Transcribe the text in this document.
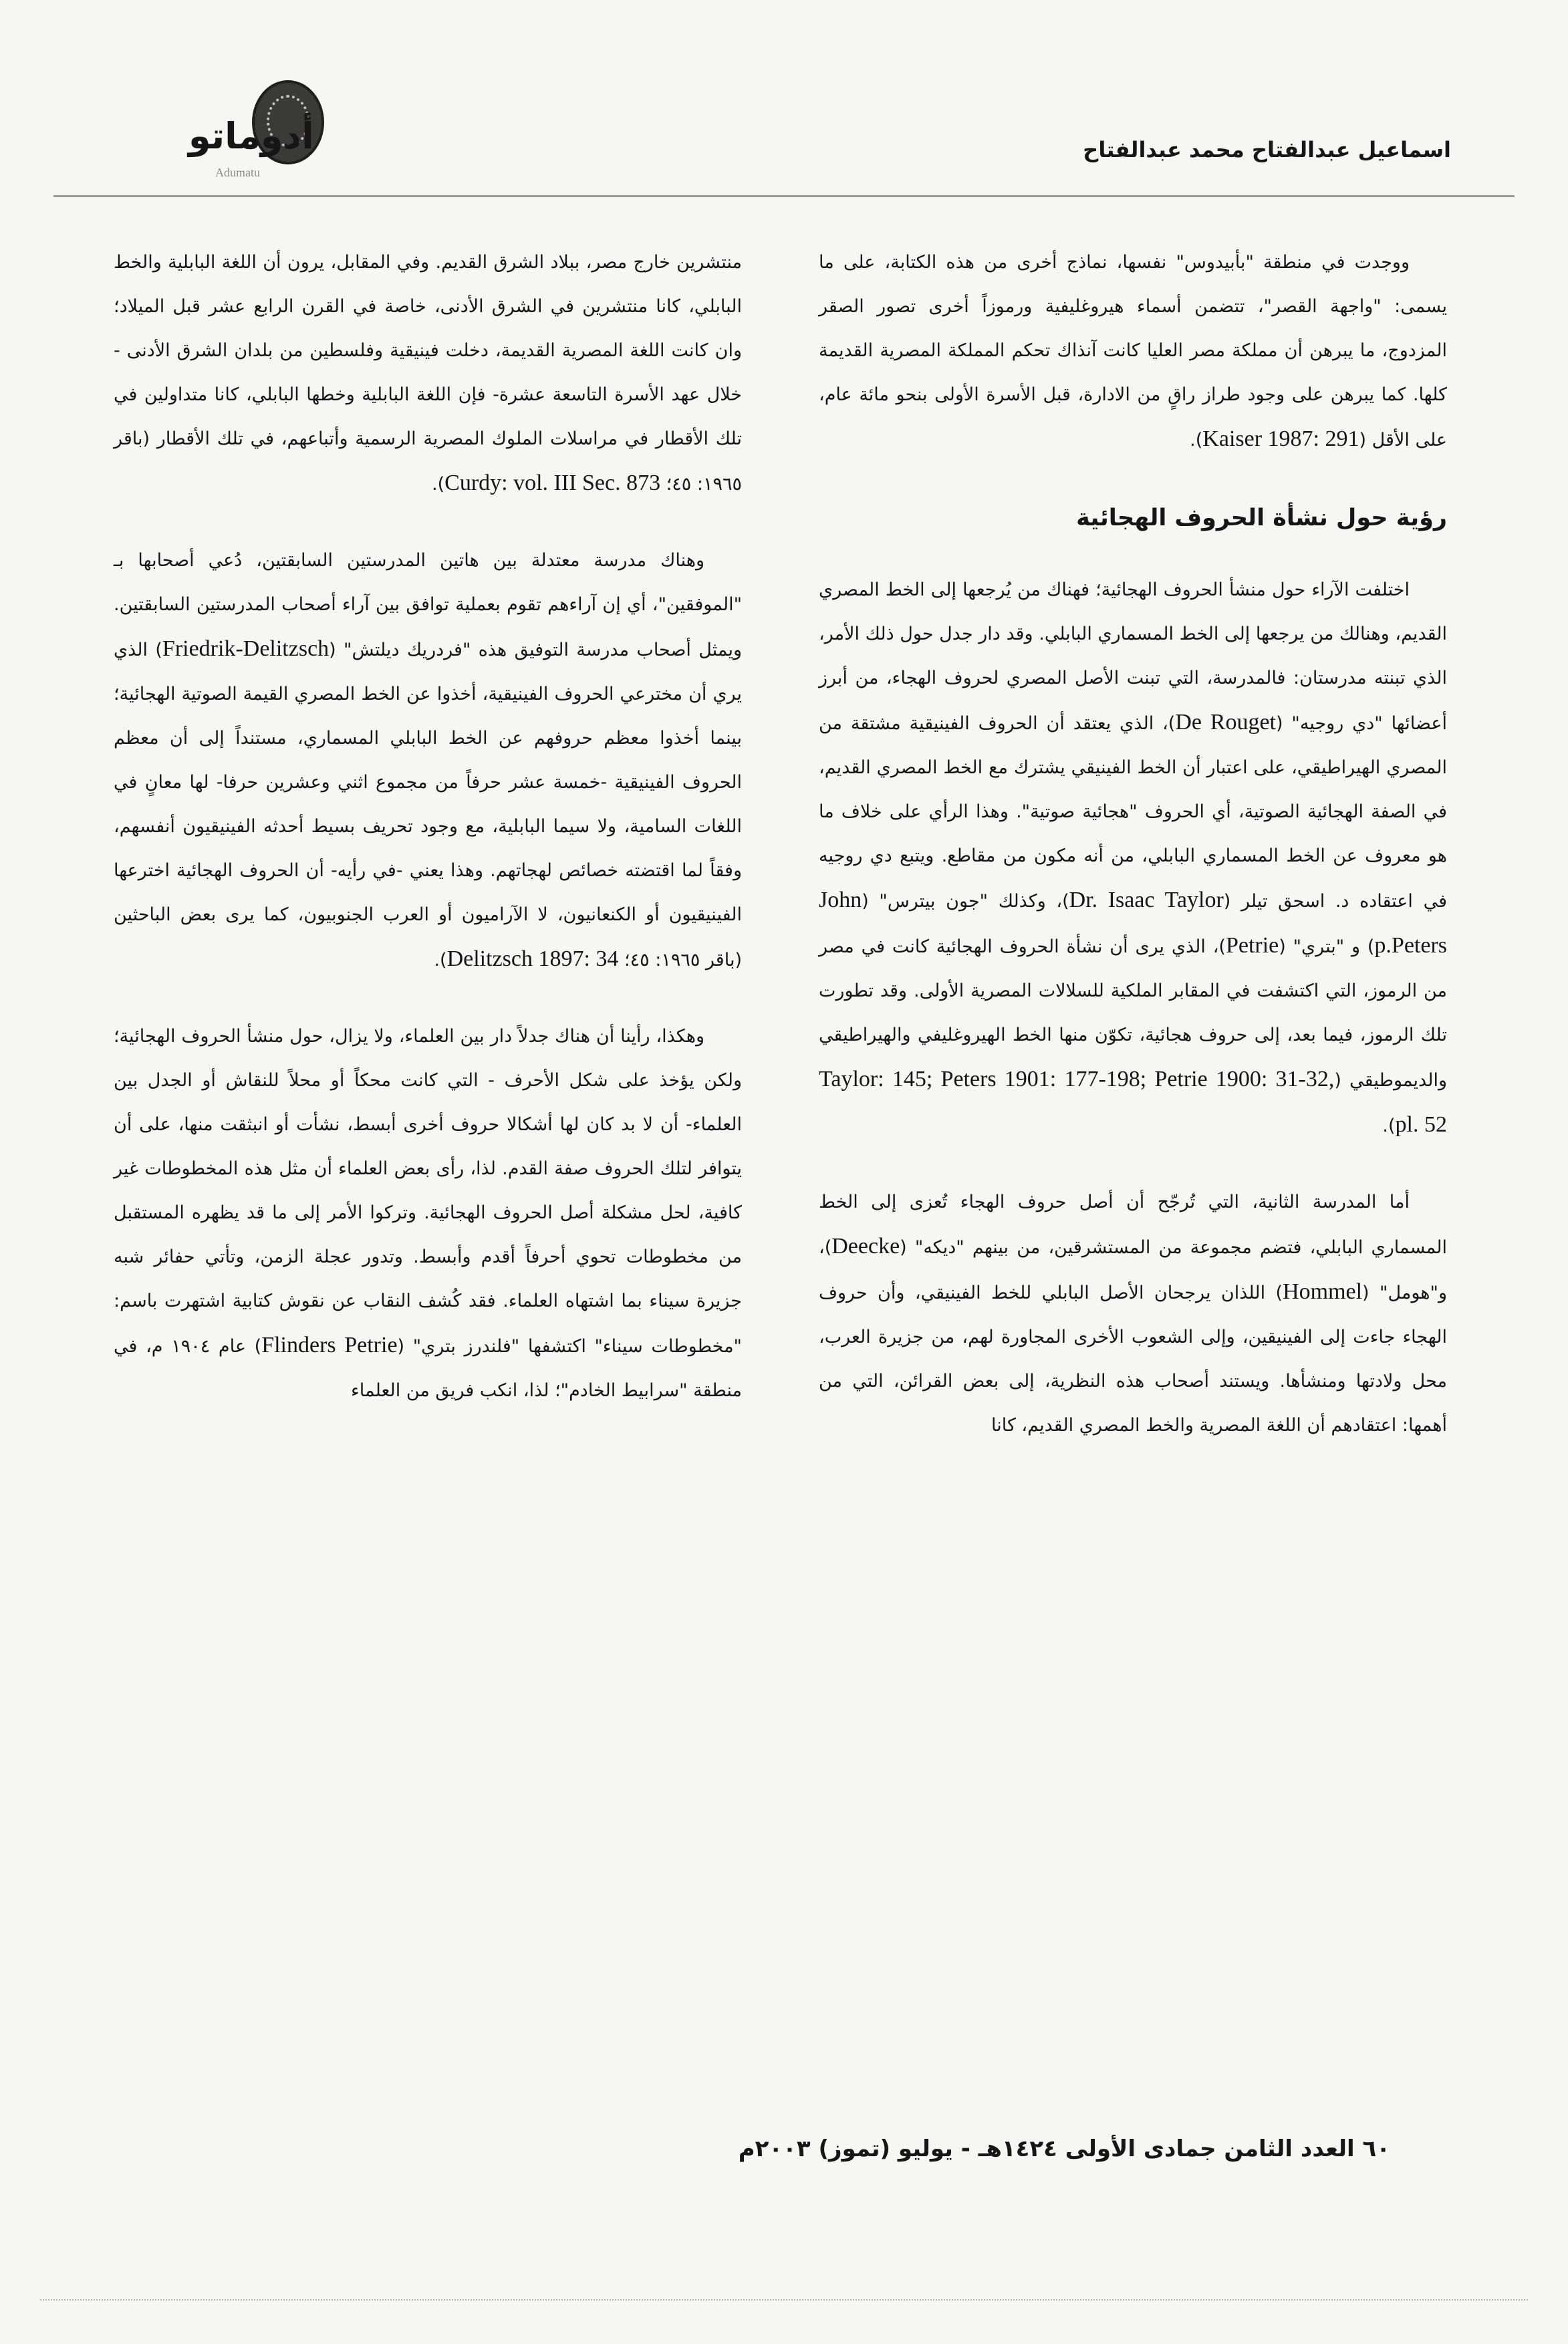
أدوماتو
Adumatu
اسماعيل عبدالفتاح محمد عبدالفتاح

ووجدت في منطقة "بأبيدوس" نفسها، نماذج أخرى من هذه الكتابة، على ما يسمى: "واجهة القصر"، تتضمن أسماء هيروغليفية ورموزاً أخرى تصور الصقر المزدوج، ما يبرهن أن مملكة مصر العليا كانت آنذاك تحكم المملكة المصرية القديمة كلها. كما يبرهن على وجود طراز راقٍ من الادارة، قبل الأسرة الأولى بنحو مائة عام، على الأقل (Kaiser 1987: 291).

رؤية حول نشأة الحروف الهجائية

اختلفت الآراء حول منشأ الحروف الهجائية؛ فهناك من يُرجعها إلى الخط المصري القديم، وهنالك من يرجعها إلى الخط المسماري البابلي. وقد دار جدل حول ذلك الأمر، الذي تبنته مدرستان: فالمدرسة، التي تبنت الأصل المصري لحروف الهجاء، من أبرز أعضائها "دي روجيه" (De Rouget)، الذي يعتقد أن الحروف الفينيقية مشتقة من المصري الهيراطيقي، على اعتبار أن الخط الفينيقي يشترك مع الخط المصري القديم، في الصفة الهجائية الصوتية، أي الحروف "هجائية صوتية". وهذا الرأي على خلاف ما هو معروف عن الخط المسماري البابلي، من أنه مكون من مقاطع. ويتبع دي روجيه في اعتقاده د. اسحق تيلر (Dr. Isaac Taylor)، وكذلك "جون بيترس" (John p.Peters) و "بتري" (Petrie)، الذي يرى أن نشأة الحروف الهجائية كانت في مصر من الرموز، التي اكتشفت في المقابر الملكية للسلالات المصرية الأولى. وقد تطورت تلك الرموز، فيما بعد، إلى حروف هجائية، تكوّن منها الخط الهيروغليفي والهيراطيقي والديموطيقي (Taylor: 145; Peters 1901: 177-198; Petrie 1900: 31-32, pl. 52).

أما المدرسة الثانية، التي تُرجّح أن أصل حروف الهجاء تُعزى إلى الخط المسماري البابلي، فتضم مجموعة من المستشرقين، من بينهم "ديكه" (Deecke)، و"هومل" (Hommel) اللذان يرجحان الأصل البابلي للخط الفينيقي، وأن حروف الهجاء جاءت إلى الفينيقين، وإلى الشعوب الأخرى المجاورة لهم، من جزيرة العرب، محل ولادتها ومنشأها. ويستند أصحاب هذه النظرية، إلى بعض القرائن، التي من أهمها: اعتقادهم أن اللغة المصرية والخط المصري القديم، كانا

منتشرين خارج مصر، ببلاد الشرق القديم. وفي المقابل، يرون أن اللغة البابلية والخط البابلي، كانا منتشرين في الشرق الأدنى، خاصة في القرن الرابع عشر قبل الميلاد؛ وان كانت اللغة المصرية القديمة، دخلت فينيقية وفلسطين من بلدان الشرق الأدنى - خلال عهد الأسرة التاسعة عشرة- فإن اللغة البابلية وخطها البابلي، كانا متداولين في تلك الأقطار في مراسلات الملوك المصرية الرسمية وأتباعهم، في تلك الأقطار (باقر ١٩٦٥: ٤٥؛ Curdy: vol. III Sec. 873).

وهناك مدرسة معتدلة بين هاتين المدرستين السابقتين، دُعي أصحابها بـ "الموفقين"، أي إن آراءهم تقوم بعملية توافق بين آراء أصحاب المدرستين السابقتين. ويمثل أصحاب مدرسة التوفيق هذه "فردريك ديلتش" (Friedrik-Delitzsch) الذي يري أن مخترعي الحروف الفينيقية، أخذوا عن الخط المصري القيمة الصوتية الهجائية؛ بينما أخذوا معظم حروفهم عن الخط البابلي المسماري، مستنداً إلى أن معظم الحروف الفينيقية -خمسة عشر حرفاً من مجموع اثني وعشرين حرفا- لها معانٍ في اللغات السامية، ولا سيما البابلية، مع وجود تحريف بسيط أحدثه الفينيقيون أنفسهم، وفقاً لما اقتضته خصائص لهجاتهم. وهذا يعني -في رأيه- أن الحروف الهجائية اخترعها الفينيقيون أو الكنعانيون، لا الآراميون أو العرب الجنوبيون، كما يرى بعض الباحثين (باقر ١٩٦٥: ٤٥؛ Delitzsch 1897: 34).

وهكذا، رأينا أن هناك جدلاً دار بين العلماء، ولا يزال، حول منشأ الحروف الهجائية؛ ولكن يؤخذ على شكل الأحرف - التي كانت محكاً أو محلاً للنقاش أو الجدل بين العلماء- أن لا بد كان لها أشكالا حروف أخرى أبسط، نشأت أو انبثقت منها، على أن يتوافر لتلك الحروف صفة القدم. لذا، رأى بعض العلماء أن مثل هذه المخطوطات غير كافية، لحل مشكلة أصل الحروف الهجائية. وتركوا الأمر إلى ما قد يظهره المستقبل من مخطوطات تحوي أحرفاً أقدم وأبسط. وتدور عجلة الزمن، وتأتي حفائر شبه جزيرة سيناء بما اشتهاه العلماء. فقد كُشف النقاب عن نقوش كتابية اشتهرت باسم: "مخطوطات سيناء" اكتشفها "فلندرز بتري" (Flinders Petrie) عام ١٩٠٤ م، في منطقة "سرابيط الخادم"؛ لذا، انكب فريق من العلماء

٦٠ العدد الثامن جمادى الأولى ١٤٢٤هـ - يوليو (تموز) ٢٠٠٣م
